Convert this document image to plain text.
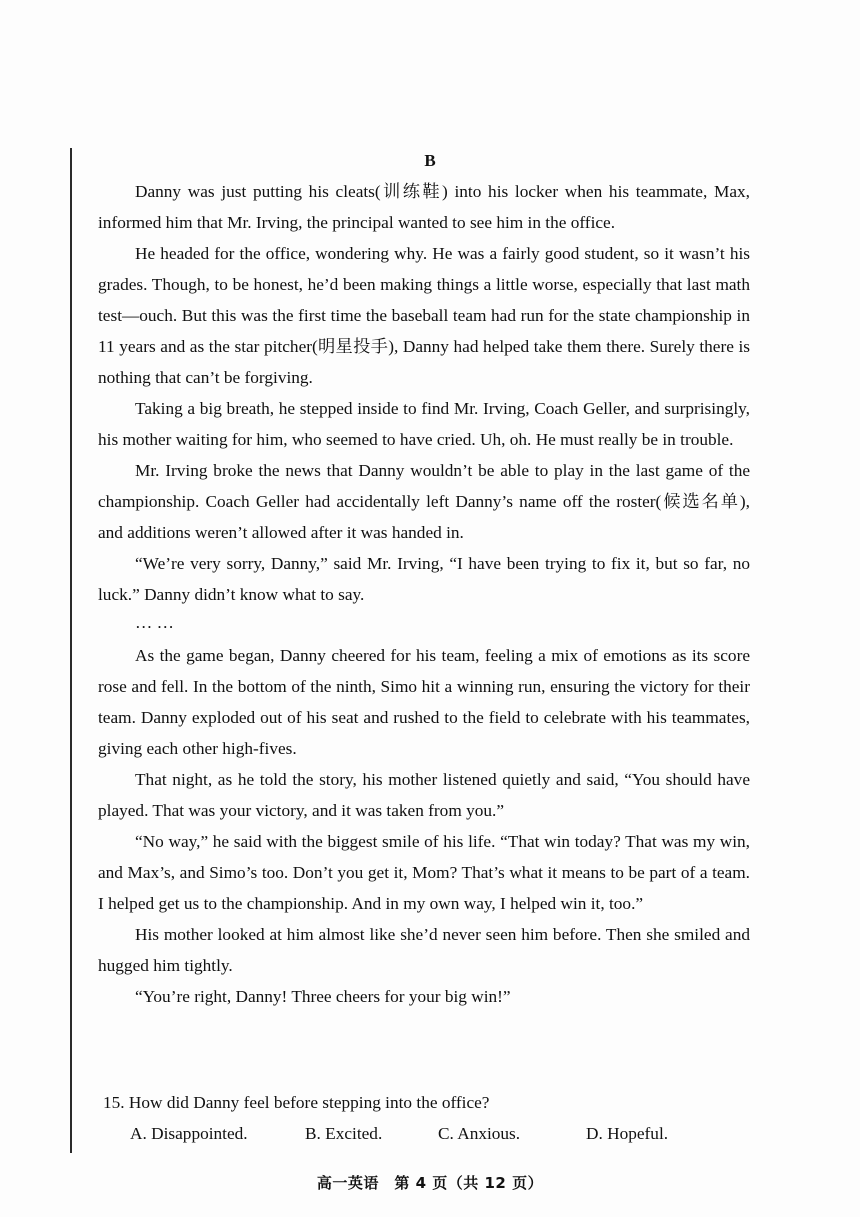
B

Danny was just putting his cleats(训练鞋) into his locker when his teammate, Max, informed him that Mr. Irving, the principal wanted to see him in the office.

He headed for the office, wondering why. He was a fairly good student, so it wasn’t his grades. Though, to be honest, he’d been making things a little worse, especially that last math test—ouch. But this was the first time the baseball team had run for the state championship in 11 years and as the star pitcher(明星投手), Danny had helped take them there. Surely there is nothing that can’t be forgiving.

Taking a big breath, he stepped inside to find Mr. Irving, Coach Geller, and surprisingly, his mother waiting for him, who seemed to have cried. Uh, oh. He must really be in trouble.

Mr. Irving broke the news that Danny wouldn’t be able to play in the last game of the championship. Coach Geller had accidentally left Danny’s name off the roster(候选名单), and additions weren’t allowed after it was handed in.

“We’re very sorry, Danny,” said Mr. Irving, “I have been trying to fix it, but so far, no luck.” Danny didn’t know what to say.

… …

As the game began, Danny cheered for his team, feeling a mix of emotions as its score rose and fell. In the bottom of the ninth, Simo hit a winning run, ensuring the victory for their team. Danny exploded out of his seat and rushed to the field to celebrate with his teammates, giving each other high-fives.

That night, as he told the story, his mother listened quietly and said, “You should have played. That was your victory, and it was taken from you.”

“No way,” he said with the biggest smile of his life. “That win today? That was my win, and Max’s, and Simo’s too. Don’t you get it, Mom? That’s what it means to be part of a team. I helped get us to the championship. And in my own way, I helped win it, too.”

His mother looked at him almost like she’d never seen him before. Then she smiled and hugged him tightly.

“You’re right, Danny! Three cheers for your big win!”

15. How did Danny feel before stepping into the office?
A. Disappointed.	B. Excited.	C. Anxious.	D. Hopeful.
高一英语　第 4 页（共 12 页）
